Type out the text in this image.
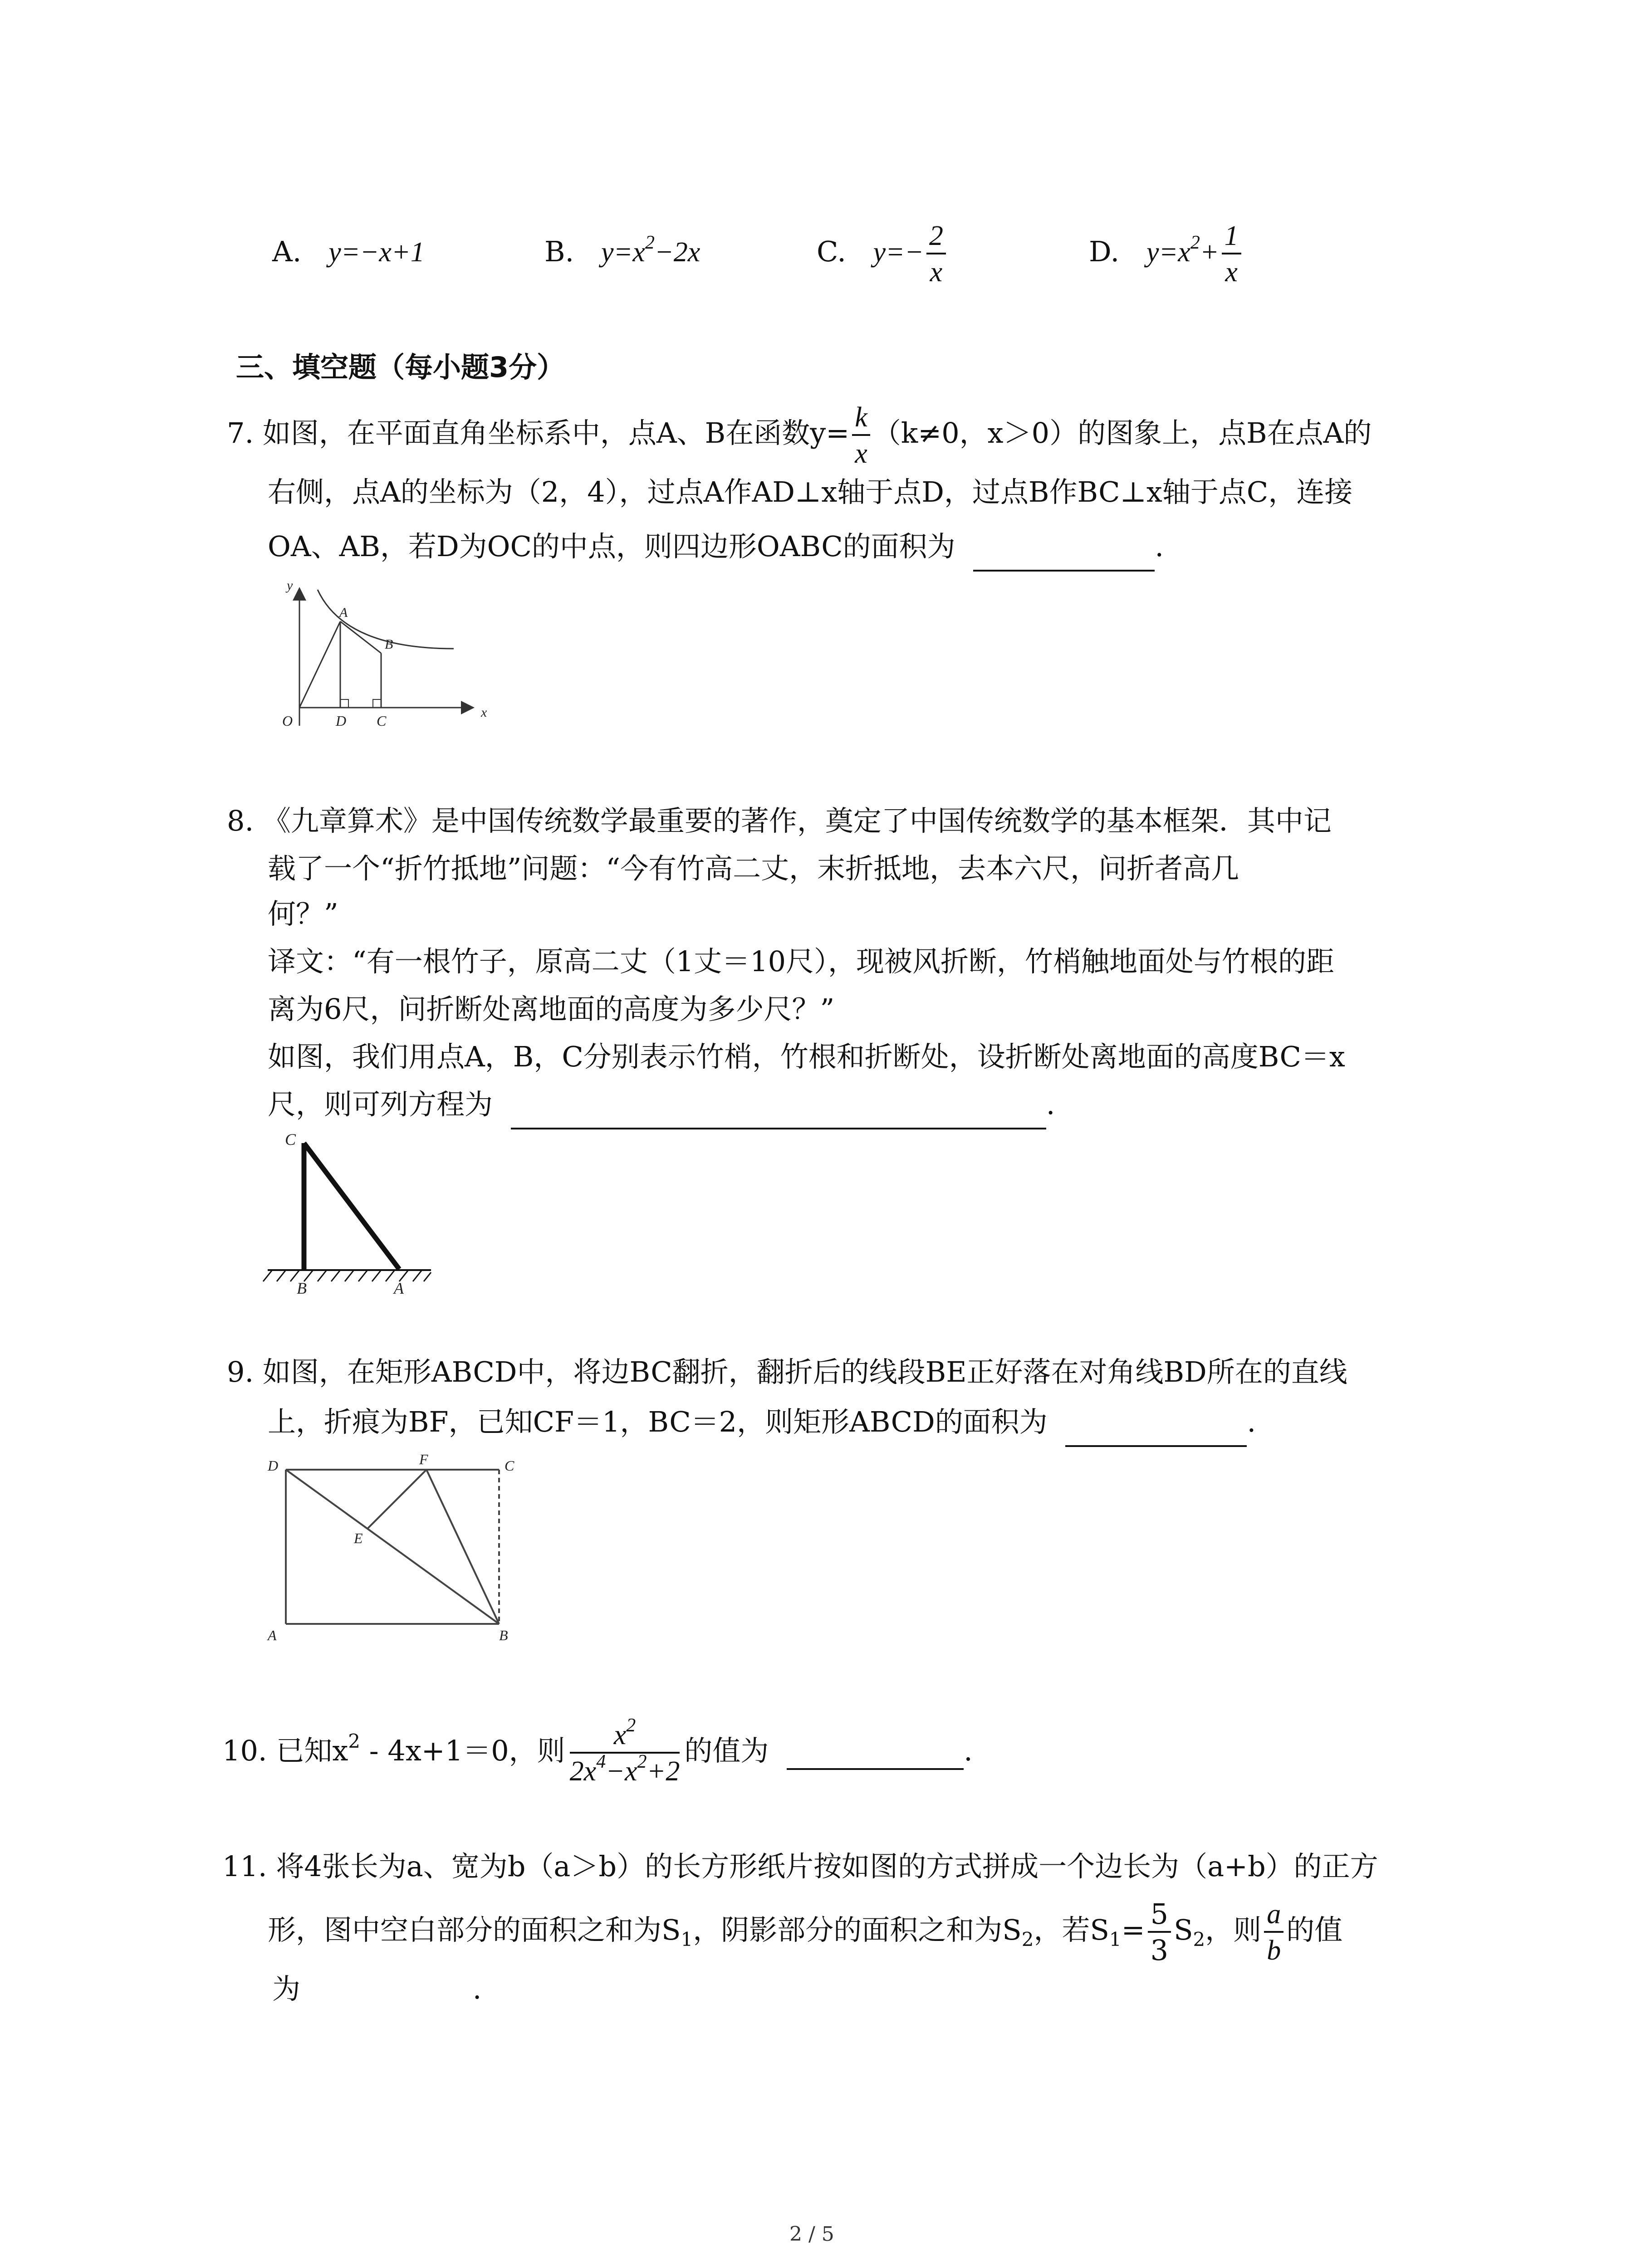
A. y=−x+1	B. $y=x^2-2x$	C. $y=- \frac{2}{x}$	D. $y=x^2+ \frac{1}{x}$
三、填空题（每小题3分）
7. 如图，在平面直角坐标系中，点A、B在函数$y= \frac{k}{x} (k\ne 0$，x＞0）的图象上，点B在点A的
右侧，点A的坐标为（2，4），过点A作AD⊥x轴于点D，过点B作BC⊥x轴于点C，连接
OA、AB，若D为OC的中点，则四边形OABC的面积为	.
y
x
O	D C
A
B
8. 《九章算术》是中国传统数学最重要的著作，奠定了中国传统数学的基本框架．其中记
载了一个“折竹抵地”问题：“今有竹高二丈，末折抵地，去本六尺，问折者高几
何？”
译文：“有一根竹子，原高二丈（1丈＝10尺），现被风折断，竹梢触地面处与竹根的距
离为6尺，问折断处离地面的高度为多少尺？”
如图，我们用点A，B，C分别表示竹梢，竹根和折断处，设折断处离地面的高度BC＝x
尺，则可列方程为	.
C
B	A
9. 如图，在矩形ABCD中，将边BC翻折，翻折后的线段BE正好落在对角线BD所在的直线
上，折痕为BF，已知CF＝1，BC＝2，则矩形ABCD的面积为	.
D	F	C
E
A	B
10. 已知$x^2 - 4x+1=0$，则 $\frac{x^2}{2x^4-x^2+2}$ 的值为	.
11. 将4张长为a、宽为b（a＞b）的长方形纸片按如图的方式拼成一个边长为（a+b）的正方
形，图中空白部分的面积之和为$S_1$，阴影部分的面积之和为$S_2$，若$S_1= \frac{5}{3} S_2$，则 $\frac{a}{b}$ 的值
为	.
2 / 5
